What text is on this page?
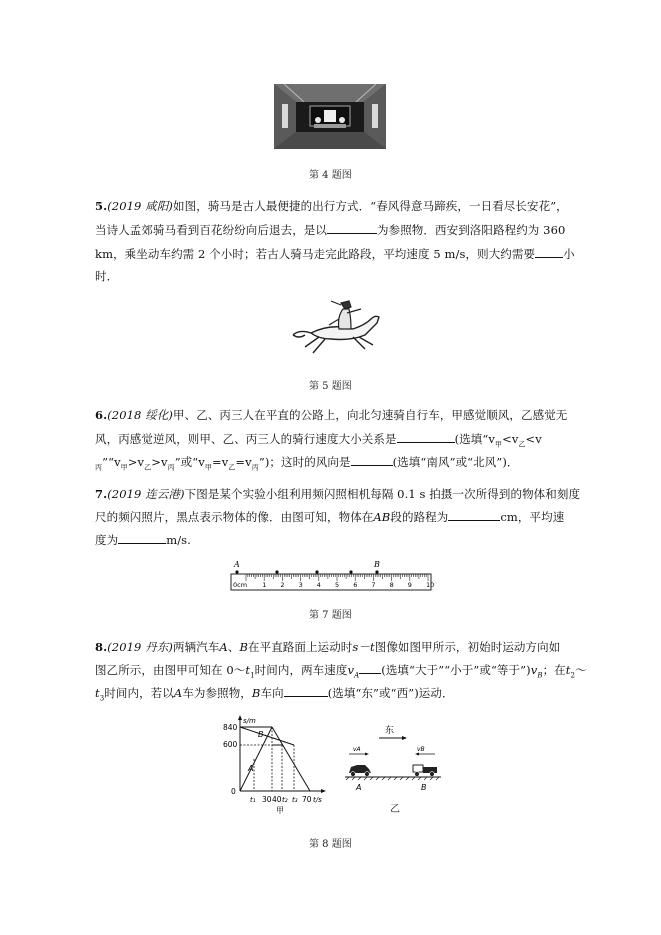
第 4 题图
5.(2019 咸阳)如图，骑马是古人最便捷的出行方式．“春风得意马蹄疾，一日看尽长安花”，
当诗人孟郊骑马看到百花纷纷向后退去，是以	为参照物．西安到洛阳路程约为 360
km，乘坐动车约需 2 个小时；若古人骑马走完此路段，平均速度 5 m/s，则大约需要 小
时．
第 5 题图
6.(2018 绥化)甲、乙、丙三人在平直的公路上，向北匀速骑自行车，甲感觉顺风，乙感觉无
风，丙感觉逆风，则甲、乙、丙三人的骑行速度大小关系是	(选填“$v_甲<v_乙<v$
$_丙”“v_甲>v_乙>v_丙$”或“$v_甲=v_乙=v_丙$”)；这时的风向是	(选填“南风”或“北风”)．
7.(2019 连云港)下图是某个实验小组利用频闪照相机每隔 0.1 s 拍摄一次所得到的物体和刻度
尺的频闪照片，黑点表示物体的像．由图可知，物体在AB段的路程为	cm，平均速
度为	m/s.
A	B
0cm 1 2 3 4 5 6 7 8 9 10
第 7 题图
8.(2019 丹东)两辆汽车A、B在平直路面上运动时s－t图像如图甲所示，初始时运动方向如
图乙所示，由图甲可知在 $0\sim t_1$时间内，两车速度$v_A$ (选填“大于”“小于”或“等于$”)v_B$；在$t_2\sim$
$t_3$时间内，若以A车为参照物，B车向	(选填“东”或“西”)运动．
s/m
840
600
0
B
A
t₁ 30 40 t₂ t₃ 70 t/s
甲
东
vA	vB
A	B
乙
第 8 题图
